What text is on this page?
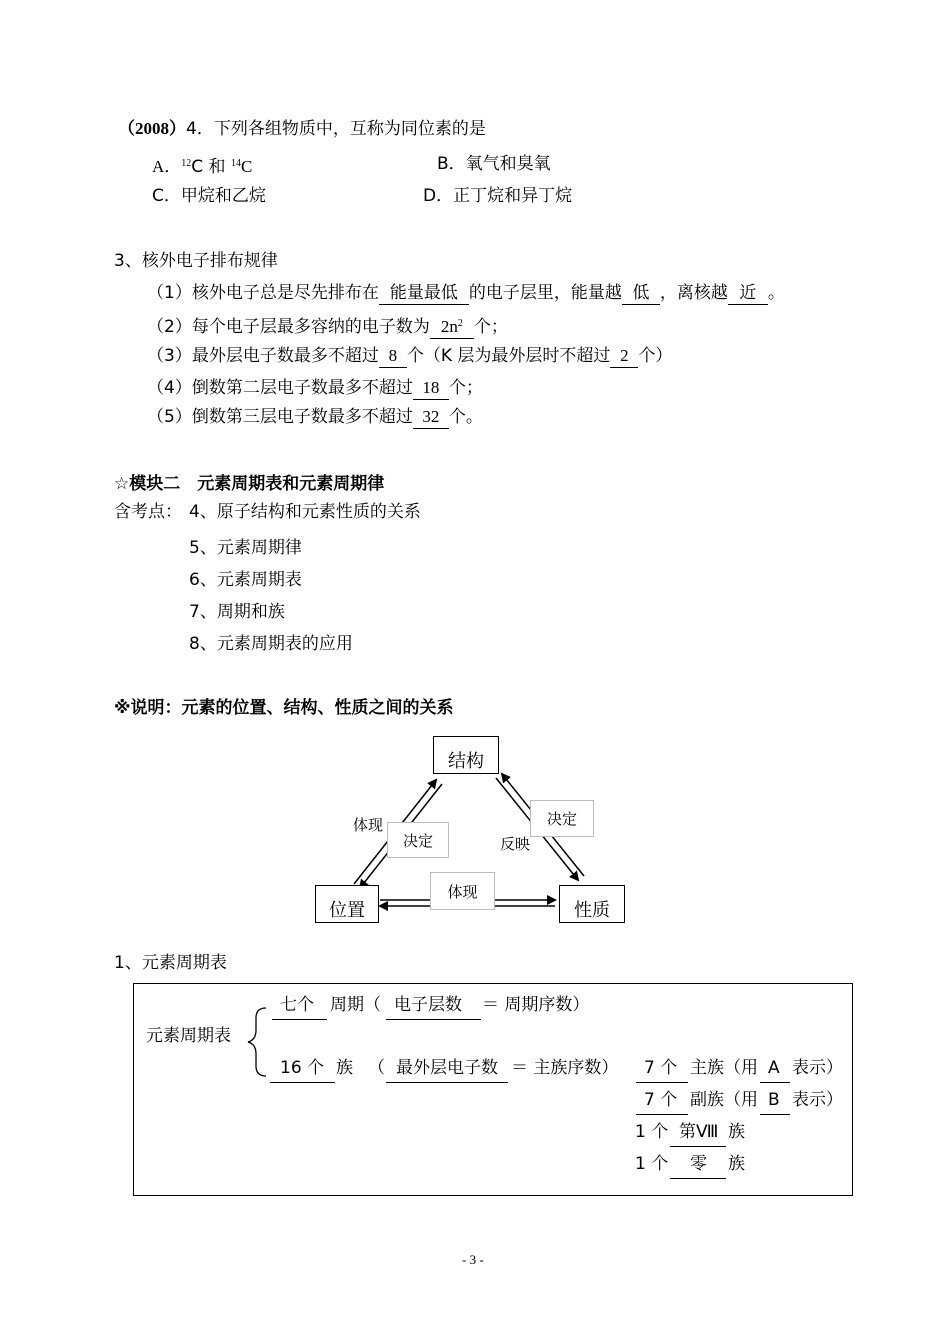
（2008）4．下列各组物质中，互称为同位素的是
A．$^{12}$C 和 $^{14}$C	B．氧气和臭氧
C．甲烷和乙烷	D．正丁烷和异丁烷
3、核外电子排布规律
（1）核外电子总是尽先排布在 能量最低 的电子层里，能量越 低 ，离核越 近 。
（2）每个电子层最多容纳的电子数为 $2n^2$ 个；
（3）最外层电子数最多不超过 8 个（K 层为最外层时不超过 2 个）
（4）倒数第二层电子数最多不超过 18 个；
（5）倒数第三层电子数最多不超过 32 个。
☆模块二　元素周期表和元素周期律
含考点： 4、原子结构和元素性质的关系
5、元素周期律
6、元素周期表
7、周期和族
8、元素周期表的应用
※说明：元素的位置、结构、性质之间的关系
结构
位置	性质
体现
决定
决定
反映
体现
1、元素周期表
元素周期表
七个 周期（ 电子层数 ＝ 周期序数）
16 个 族 （ 最外层电子数 ＝ 主族序数） 7 个 主族（用 A 表示）
7 个 副族（用 B 表示）
1 个 第Ⅷ 族
1 个 零 族
- 3 -
